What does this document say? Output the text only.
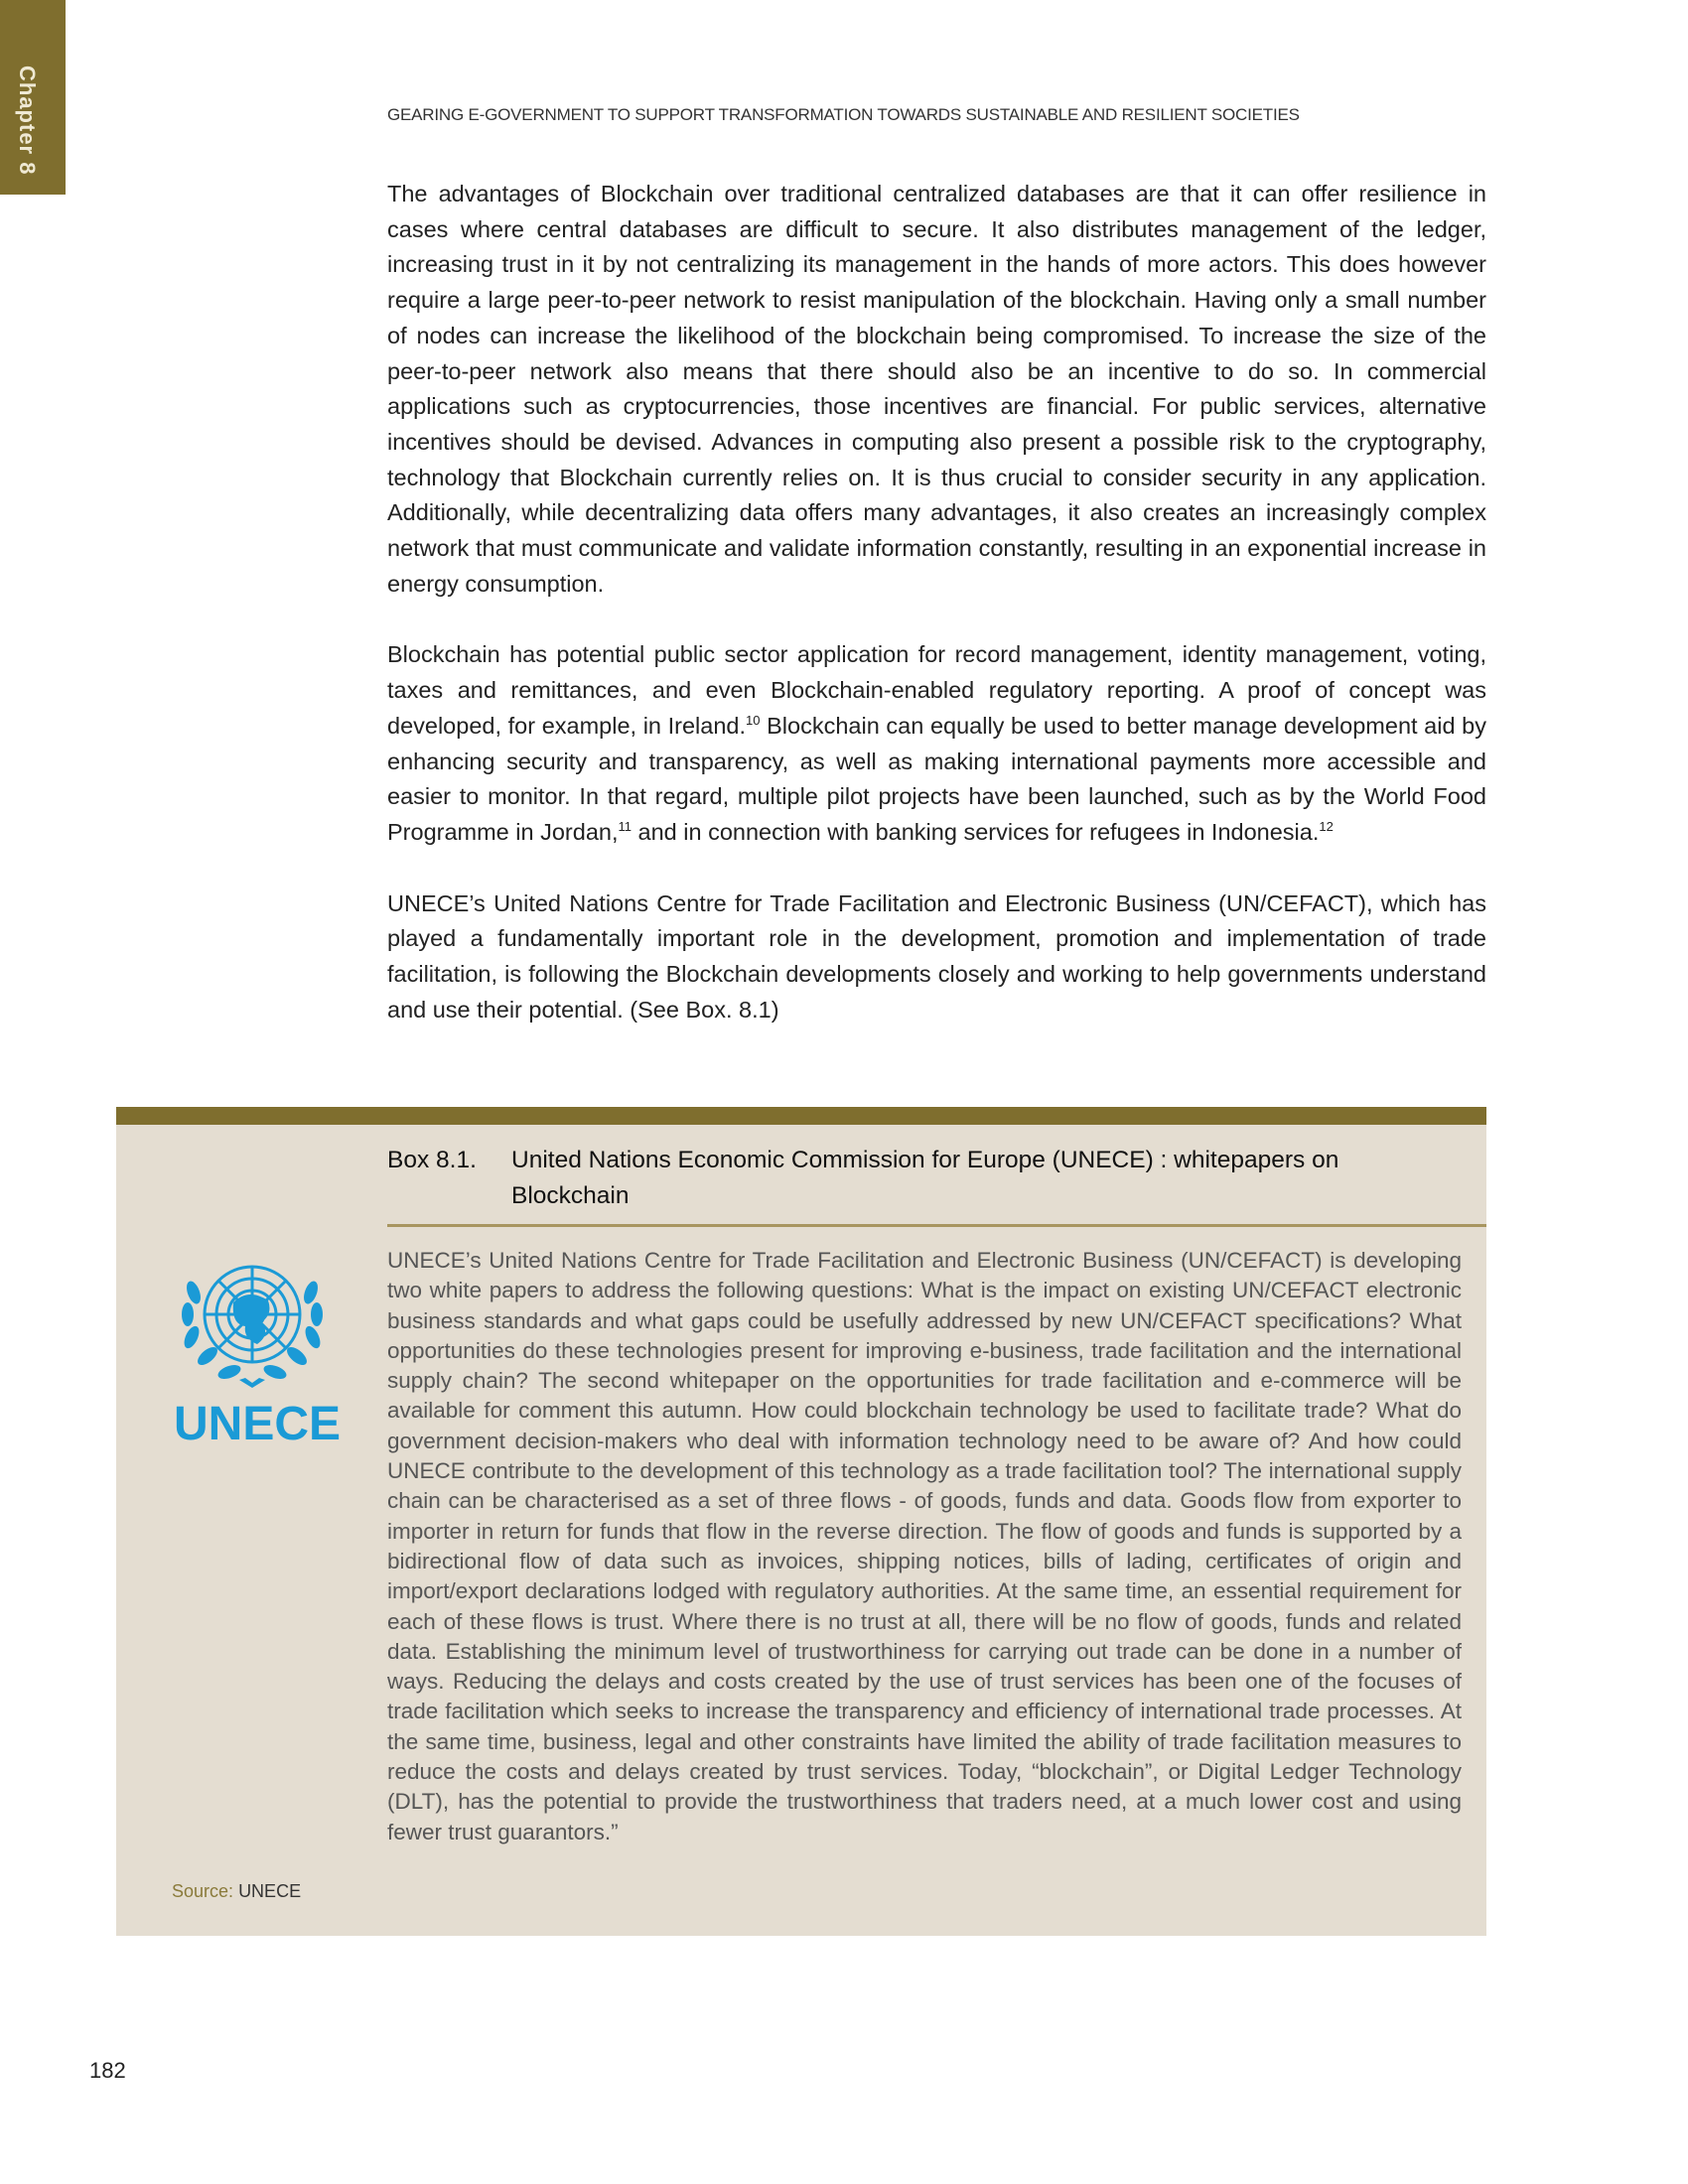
Chapter 8	GEARING E-GOVERNMENT TO SUPPORT TRANSFORMATION TOWARDS SUSTAINABLE AND RESILIENT SOCIETIES

The advantages of Blockchain over traditional centralized databases are that it can offer resilience in cases where central databases are difficult to secure. It also distributes management of the ledger, increasing trust in it by not centralizing its management in the hands of more actors. This does however require a large peer-to-peer network to resist manipulation of the blockchain. Having only a small number of nodes can increase the likelihood of the blockchain being compromised. To increase the size of the peer-to-peer network also means that there should also be an incentive to do so. In commercial applications such as cryptocurrencies, those incentives are financial. For public services, alternative incentives should be devised. Advances in computing also present a possible risk to the cryptography, technology that Blockchain currently relies on. It is thus crucial to consider security in any application. Additionally, while decentralizing data offers many advantages, it also creates an increasingly complex network that must communicate and validate information constantly, resulting in an exponential increase in energy consumption.

Blockchain has potential public sector application for record management, identity management, voting, taxes and remittances, and even Blockchain-enabled regulatory reporting. A proof of concept was developed, for example, in Ireland.$^{10}$ Blockchain can equally be used to better manage development aid by enhancing security and transparency, as well as making international payments more accessible and easier to monitor. In that regard, multiple pilot projects have been launched, such as by the World Food Programme in Jordan,$^{11}$ and in connection with banking services for refugees in Indonesia.$^{12}$

UNECE’s United Nations Centre for Trade Facilitation and Electronic Business (UN/CEFACT), which has played a fundamentally important role in the development, promotion and implementation of trade facilitation, is following the Blockchain developments closely and working to help governments understand and use their potential. (See Box. 8.1)

Box 8.1.	United Nations Economic Commission for Europe (UNECE) : whitepapers on Blockchain
UNECE
UNECE’s United Nations Centre for Trade Facilitation and Electronic Business (UN/CEFACT) is developing two white papers to address the following questions: What is the impact on existing UN/CEFACT electronic business standards and what gaps could be usefully addressed by new UN/CEFACT specifications? What opportunities do these technologies present for improving e-business, trade facilitation and the international supply chain? The second whitepaper on the opportunities for trade facilitation and e-commerce will be available for comment this autumn. How could blockchain technology be used to facilitate trade? What do government decision-makers who deal with information technology need to be aware of? And how could UNECE contribute to the development of this technology as a trade facilitation tool? The international supply chain can be characterised as a set of three flows - of goods, funds and data. Goods flow from exporter to importer in return for funds that flow in the reverse direction. The flow of goods and funds is supported by a bidirectional flow of data such as invoices, shipping notices, bills of lading, certificates of origin and import/export declarations lodged with regulatory authorities. At the same time, an essential requirement for each of these flows is trust. Where there is no trust at all, there will be no flow of goods, funds and related data. Establishing the minimum level of trustworthiness for carrying out trade can be done in a number of ways. Reducing the delays and costs created by the use of trust services has been one of the focuses of trade facilitation which seeks to increase the transparency and efficiency of international trade processes. At the same time, business, legal and other constraints have limited the ability of trade facilitation measures to reduce the costs and delays created by trust services. Today, “blockchain”, or Digital Ledger Technology (DLT), has the potential to provide the trustworthiness that traders need, at a much lower cost and using fewer trust guarantors.”
Source: UNECE
182
